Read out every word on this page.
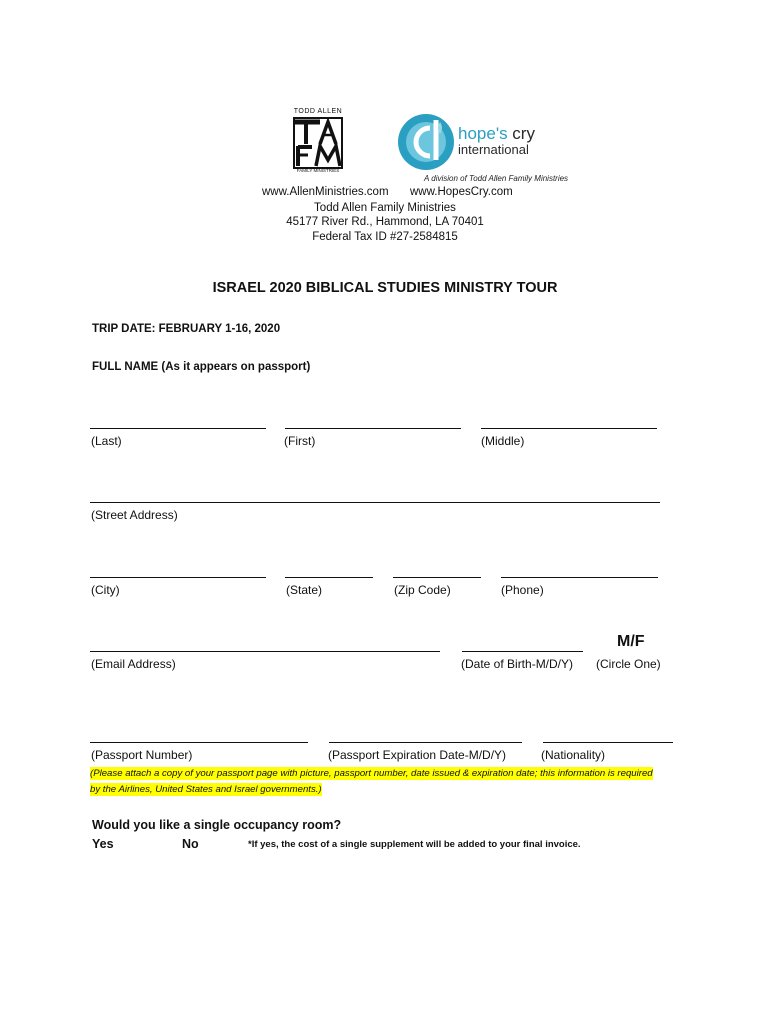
TODD ALLEN
TA FM
FAMILY MINISTRIES
hope's cry
international
A division of Todd Allen Family Ministries
www.AllenMinistries.com www.HopesCry.com
Todd Allen Family Ministries
45177 River Rd., Hammond, LA 70401
Federal Tax ID #27-2584815
ISRAEL 2020 BIBLICAL STUDIES MINISTRY TOUR
TRIP DATE: FEBRUARY 1-16, 2020
FULL NAME (As it appears on passport)
(Last)	(First)	(Middle)
(Street Address)
(City)	(State)	(Zip Code)	(Phone)
M/F
(Email Address)	(Date of Birth-M/D/Y) (Circle One)
(Passport Number)	(Passport Expiration Date-M/D/Y)	(Nationality)
(Please attach a copy of your passport page with picture, passport number, date issued & expiration date; this information is required by the Airlines, United States and Israel governments.)
Would you like a single occupancy room?
Yes	No	*If yes, the cost of a single supplement will be added to your final invoice.
